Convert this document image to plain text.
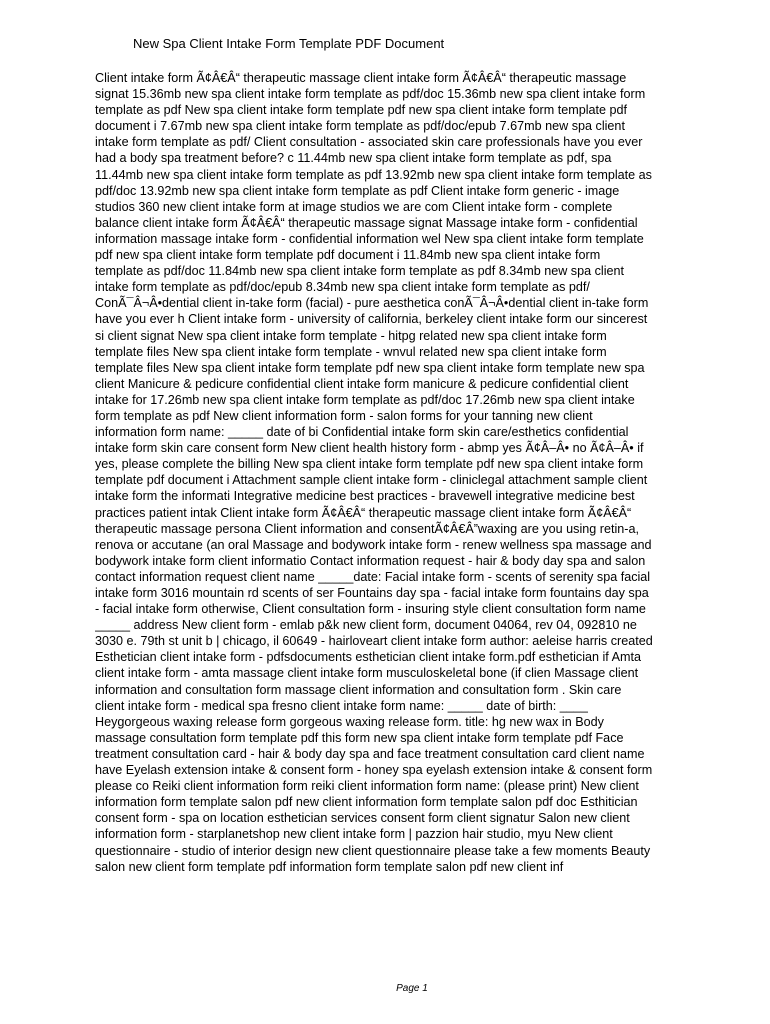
New Spa Client Intake Form Template PDF Document
Client intake form Ã¢Â€Â“ therapeutic massage client intake form Ã¢Â€Â“ therapeutic massage
signat 15.36mb new spa client intake form template as pdf/doc 15.36mb new spa client intake form
template as pdf New spa client intake form template pdf new spa client intake form template pdf
document i 7.67mb new spa client intake form template as pdf/doc/epub 7.67mb new spa client
intake form template as pdf/ Client consultation - associated skin care professionals have you ever
had a body spa treatment before? c 11.44mb new spa client intake form template as pdf, spa
11.44mb new spa client intake form template as pdf 13.92mb new spa client intake form template as
pdf/doc 13.92mb new spa client intake form template as pdf Client intake form generic - image
studios 360 new client intake form at image studios we are com Client intake form - complete
balance client intake form Ã¢Â€Â“ therapeutic massage signat Massage intake form - confidential
information massage intake form - confidential information wel New spa client intake form template
pdf new spa client intake form template pdf document i 11.84mb new spa client intake form
template as pdf/doc 11.84mb new spa client intake form template as pdf 8.34mb new spa client
intake form template as pdf/doc/epub 8.34mb new spa client intake form template as pdf/
ConÃ¯Â¬Â•dential client in-take form (facial) - pure aesthetica conÃ¯Â¬Â•dential client in-take form
have you ever h Client intake form - university of california, berkeley client intake form our sincerest
si client signat New spa client intake form template - hitpg related new spa client intake form
template files New spa client intake form template - wnvul related new spa client intake form
template files New spa client intake form template pdf new spa client intake form template new spa
client Manicure & pedicure confidential client intake form manicure & pedicure confidential client
intake for 17.26mb new spa client intake form template as pdf/doc 17.26mb new spa client intake
form template as pdf New client information form - salon forms for your tanning new client
information form name: _____ date of bi Confidential intake form skin care/esthetics confidential
intake form skin care consent form New client health history form - abmp yes Ã¢Â–Â• no Ã¢Â–Â• if
yes, please complete the billing New spa client intake form template pdf new spa client intake form
template pdf document i Attachment sample client intake form - cliniclegal attachment sample client
intake form the informati Integrative medicine best practices - bravewell integrative medicine best
practices patient intak Client intake form Ã¢Â€Â“ therapeutic massage client intake form Ã¢Â€Â“
therapeutic massage persona Client information and consentÃ¢Â€Â”waxing are you using retin-a,
renova or accutane (an oral Massage and bodywork intake form - renew wellness spa massage and
bodywork intake form client informatio Contact information request - hair & body day spa and salon
contact information request client name _____date: Facial intake form - scents of serenity spa facial
intake form 3016 mountain rd scents of ser Fountains day spa - facial intake form fountains day spa
- facial intake form otherwise, Client consultation form - insuring style client consultation form name
_____ address New client form - emlab p&k new client form, document 04064, rev 04, 092810 ne
3030 e. 79th st unit b | chicago, il 60649 - hairloveart client intake form author: aeleise harris created
Esthetician client intake form - pdfsdocuments esthetician client intake form.pdf esthetician if Amta
client intake form - amta massage client intake form musculoskeletal bone (if clien Massage client
information and consultation form massage client information and consultation form . Skin care
client intake form - medical spa fresno client intake form name: _____ date of birth: ____
Heygorgeous waxing release form gorgeous waxing release form. title: hg new wax in Body
massage consultation form template pdf this form new spa client intake form template pdf Face
treatment consultation card - hair & body day spa and face treatment consultation card client name
have Eyelash extension intake & consent form - honey spa eyelash extension intake & consent form
please co Reiki client information form reiki client information form name: (please print) New client
information form template salon pdf new client information form template salon pdf doc Esthitician
consent form - spa on location esthetician services consent form client signatur Salon new client
information form - starplanetshop new client intake form | pazzion hair studio, myu New client
questionnaire - studio of interior design new client questionnaire please take a few moments Beauty
salon new client form template pdf information form template salon pdf new client inf
Page 1
